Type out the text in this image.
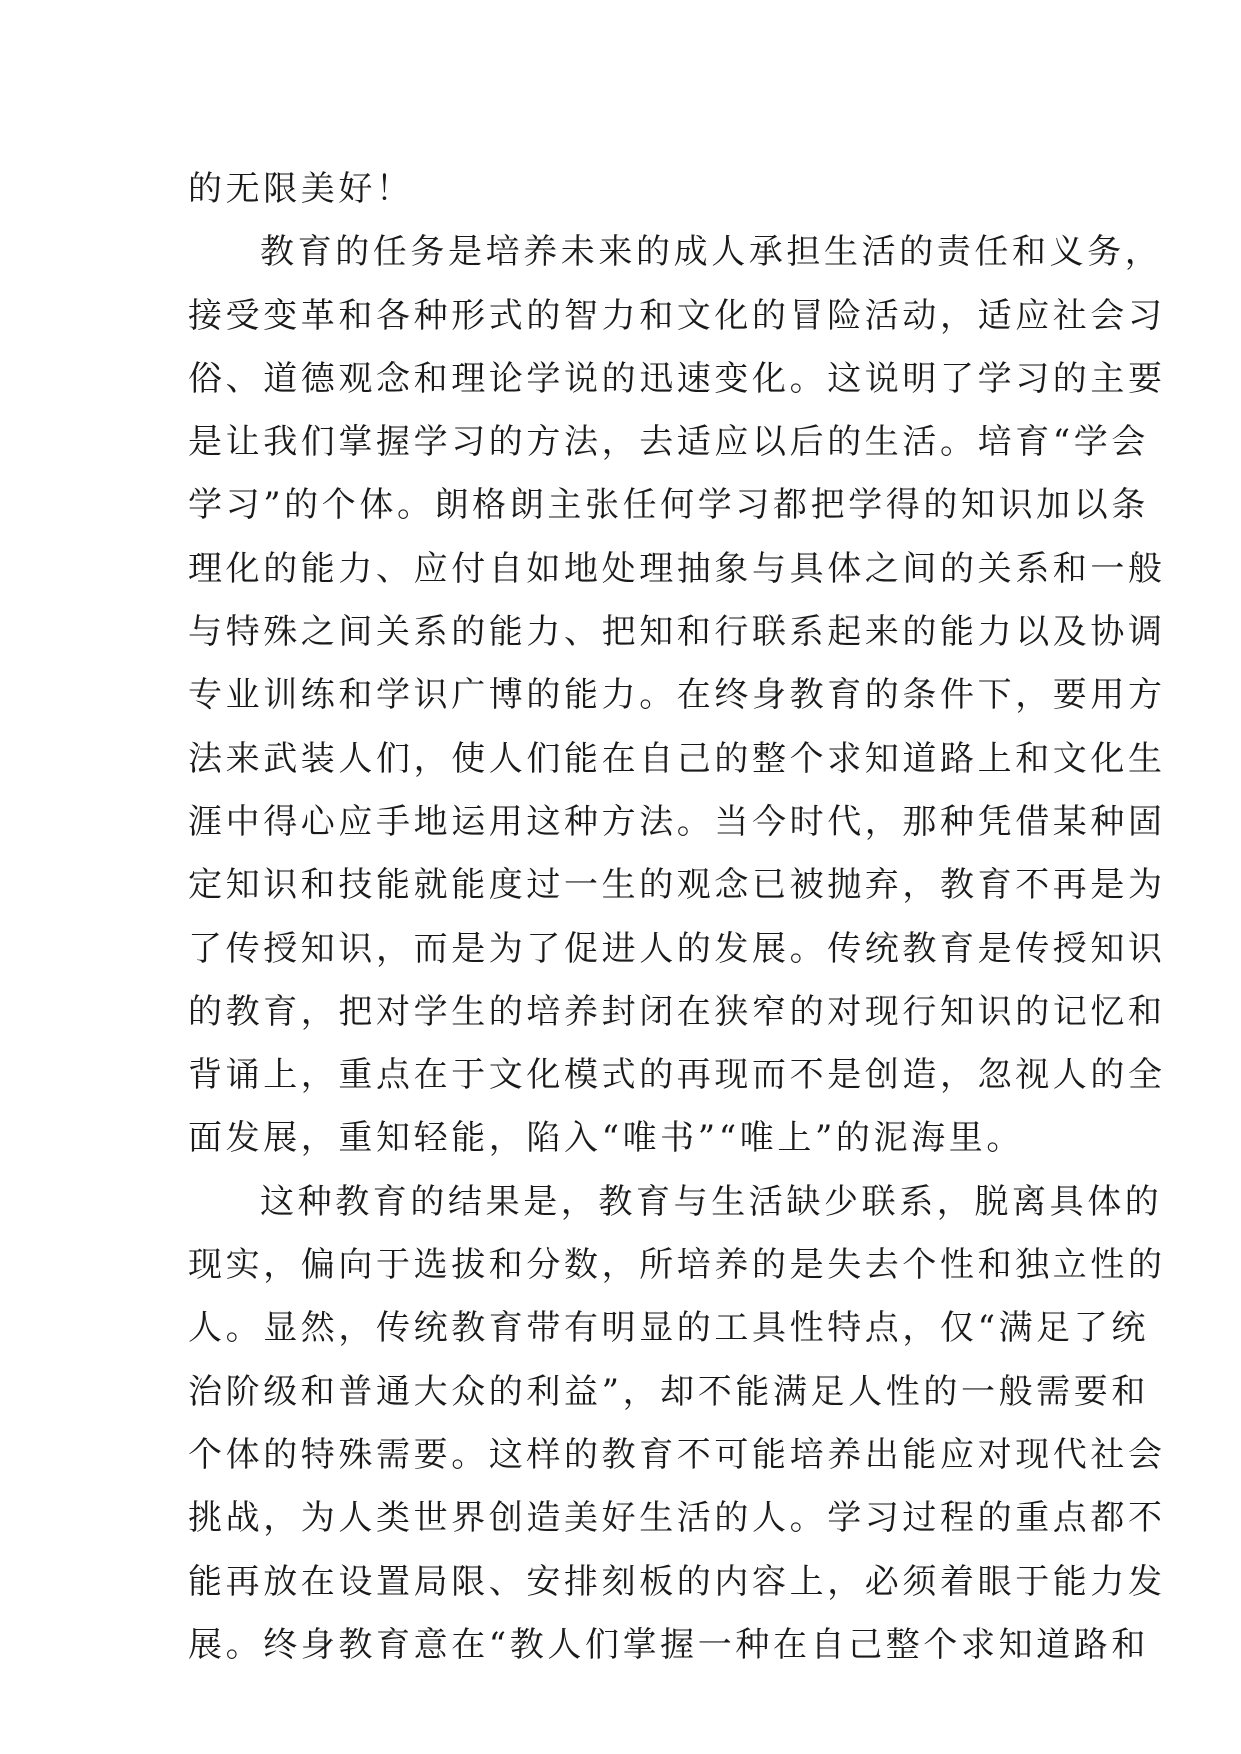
的无限美好！
教育的任务是培养未来的成人承担生活的责任和义务，
接受变革和各种形式的智力和文化的冒险活动，适应社会习
俗、道德观念和理论学说的迅速变化。这说明了学习的主要
是让我们掌握学习的方法，去适应以后的生活。培育“学会
学习”的个体。朗格朗主张任何学习都把学得的知识加以条
理化的能力、应付自如地处理抽象与具体之间的关系和一般
与特殊之间关系的能力、把知和行联系起来的能力以及协调
专业训练和学识广博的能力。在终身教育的条件下，要用方
法来武装人们，使人们能在自己的整个求知道路上和文化生
涯中得心应手地运用这种方法。当今时代，那种凭借某种固
定知识和技能就能度过一生的观念已被抛弃，教育不再是为
了传授知识，而是为了促进人的发展。传统教育是传授知识
的教育，把对学生的培养封闭在狭窄的对现行知识的记忆和
背诵上，重点在于文化模式的再现而不是创造，忽视人的全
面发展，重知轻能，陷入“唯书”“唯上”的泥海里。
这种教育的结果是，教育与生活缺少联系，脱离具体的
现实，偏向于选拔和分数，所培养的是失去个性和独立性的
人。显然，传统教育带有明显的工具性特点，仅“满足了统
治阶级和普通大众的利益”，却不能满足人性的一般需要和
个体的特殊需要。这样的教育不可能培养出能应对现代社会
挑战，为人类世界创造美好生活的人。学习过程的重点都不
能再放在设置局限、安排刻板的内容上，必须着眼于能力发
展。终身教育意在“教人们掌握一种在自己整个求知道路和
